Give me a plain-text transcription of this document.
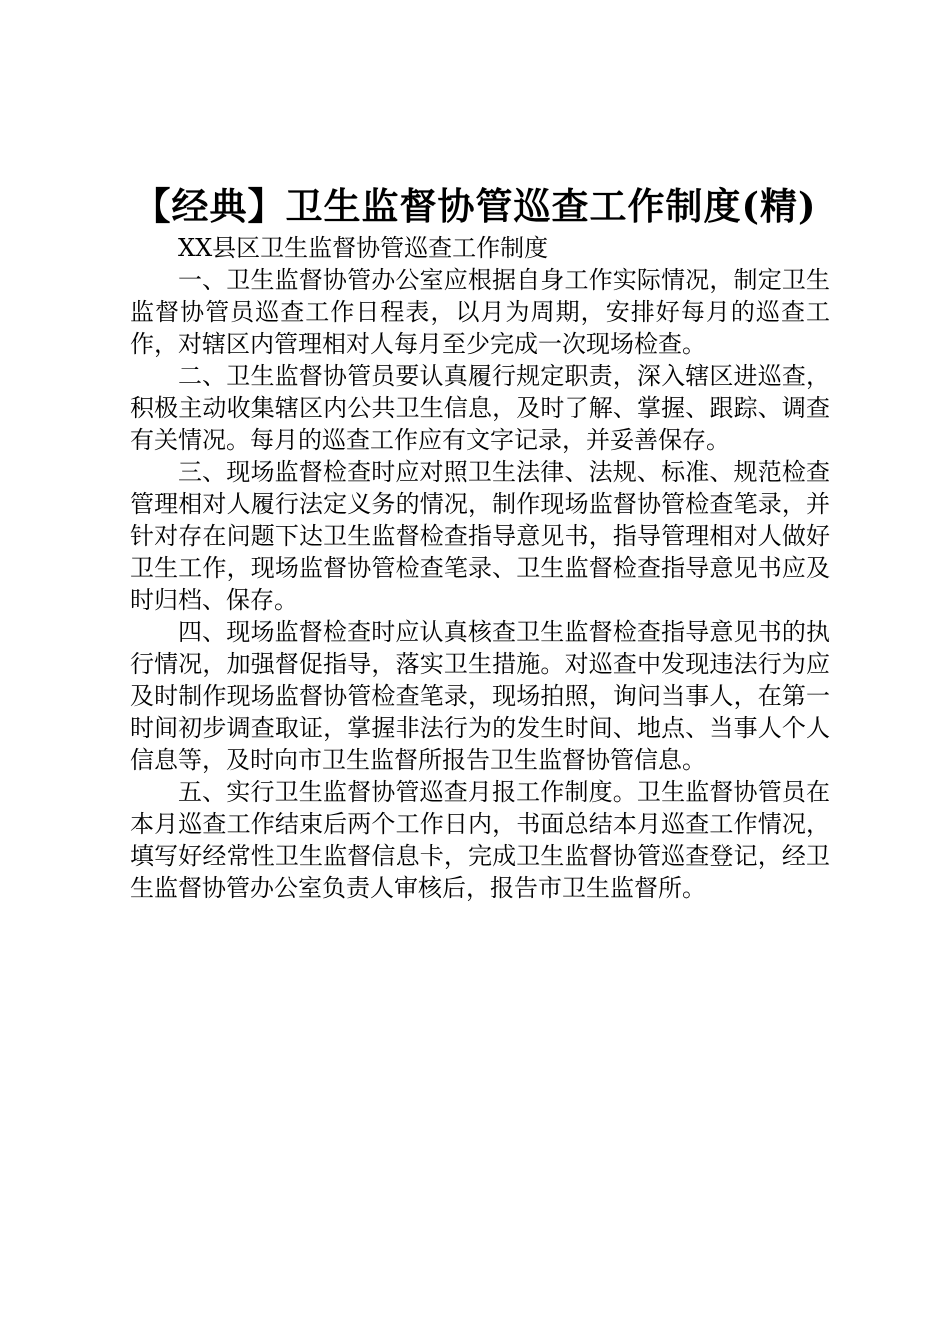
【经典】卫生监督协管巡查工作制度(精)

XX县区卫生监督协管巡查工作制度

一、卫生监督协管办公室应根据自身工作实际情况，制定卫生监督协管员巡查工作日程表，以月为周期，安排好每月的巡查工作，对辖区内管理相对人每月至少完成一次现场检查。

二、卫生监督协管员要认真履行规定职责，深入辖区进巡查，积极主动收集辖区内公共卫生信息，及时了解、掌握、跟踪、调查有关情况。每月的巡查工作应有文字记录，并妥善保存。

三、现场监督检查时应对照卫生法律、法规、标准、规范检查管理相对人履行法定义务的情况，制作现场监督协管检查笔录，并针对存在问题下达卫生监督检查指导意见书，指导管理相对人做好卫生工作，现场监督协管检查笔录、卫生监督检查指导意见书应及时归档、保存。

四、现场监督检查时应认真核查卫生监督检查指导意见书的执行情况，加强督促指导，落实卫生措施。对巡查中发现违法行为应及时制作现场监督协管检查笔录，现场拍照，询问当事人，在第一时间初步调查取证，掌握非法行为的发生时间、地点、当事人个人信息等，及时向市卫生监督所报告卫生监督协管信息。

五、实行卫生监督协管巡查月报工作制度。卫生监督协管员在本月巡查工作结束后两个工作日内，书面总结本月巡查工作情况，填写好经常性卫生监督信息卡，完成卫生监督协管巡查登记，经卫生监督协管办公室负责人审核后，报告市卫生监督所。
